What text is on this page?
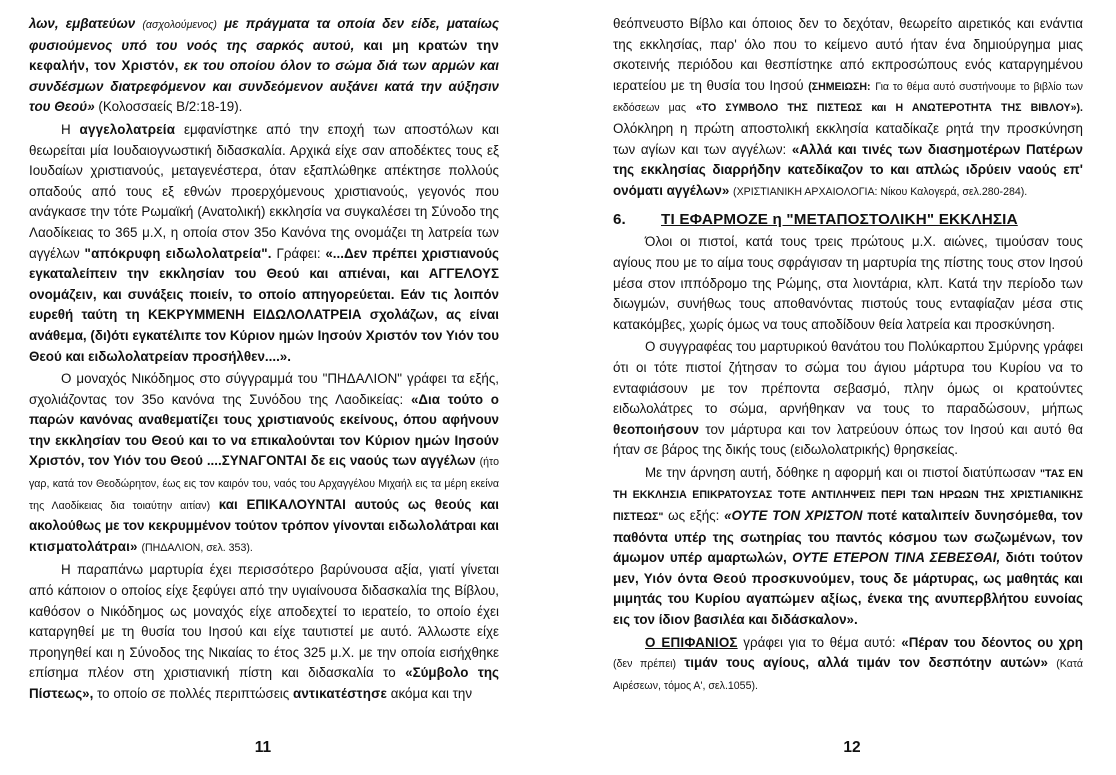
λων, εμβατεύων (ασχολούμενος) με πράγματα τα οποία δεν είδε, ματαίως φυσιούμενος υπό του νοός της σαρκός αυτού, και μη κρατών την κεφαλήν, τον Χριστόν, εκ του οποίου όλον το σώμα διά των αρμών και συνδέσμων διατρεφόμενον και συνδεόμενον αυξάνει κατά την αύξησιν του Θεού» (Κολοσσαείς Β/2:18-19).

Η αγγελολατρεία εμφανίστηκε από την εποχή των αποστόλων και θεωρείται μία Ιουδαιογνωστική διδασκαλία. Αρχικά είχε σαν αποδέκτες τους εξ Ιουδαίων χριστιανούς, μεταγενέστερα, όταν εξαπλώθηκε απέκτησε πολλούς οπαδούς από τους εξ εθνών προερχόμενους χριστιανούς, γεγονός που ανάγκασε την τότε Ρωμαϊκή (Ανατολική) εκκλησία να συγκαλέσει τη Σύνοδο της Λαοδίκειας το 365 μ.Χ, η οποία στον 35ο Κανόνα της ονομάζει τη λατρεία των αγγέλων "απόκρυφη ειδωλολατρεία". Γράφει: «...Δεν πρέπει χριστιανούς εγκαταλείπειν την εκκλησίαν του Θεού και απιέναι, και ΑΓΓΕΛΟΥΣ ονομάζειν, και συνάξεις ποιείν, το οποίο απηγορεύεται. Εάν τις λοιπόν ευρεθή ταύτη τη ΚΕΚΡΥΜΜΕΝΗ ΕΙΔΩΛΟΛΑΤΡΕΙΑ σχολάζων, ας είναι ανάθεμα, (δι)ότι εγκατέλιπε τον Κύριον ημών Ιησούν Χριστόν τον Υιόν του Θεού και ειδωλολατρείαν προσήλθεν....».

Ο μοναχός Νικόδημος στο σύγγραμμά του "ΠΗΔΑΛΙΟΝ" γράφει τα εξής, σχολιάζοντας τον 35ο κανόνα της Συνόδου της Λαοδικείας: «Δια τούτο ο παρών κανόνας αναθεματίζει τους χριστιανούς εκείνους, όπου αφήνουν την εκκλησίαν του Θεού και το να επικαλούνται τον Κύριον ημών Ιησούν Χριστόν, τον Υιόν του Θεού ....ΣΥΝΑΓΟΝΤΑΙ δε εις ναούς των αγγέλων (ήτο γαρ, κατά τον Θεοδώρητον, έως εις τον καιρόν του, ναός του Αρχαγγέλου Μιχαήλ εις τα μέρη εκείνα της Λαοδίκειας δια τοιαύτην αιτίαν) και ΕΠΙΚΑΛΟΥΝΤΑΙ αυτούς ως θεούς και ακολούθως με τον κεκρυμμένον τούτον τρόπον γίνονται ειδωλολάτραι και κτισματολάτραι» (ΠΗΔΑΛΙΟΝ, σελ. 353).

Η παραπάνω μαρτυρία έχει περισσότερο βαρύνουσα αξία, γιατί γίνεται από κάποιον ο οποίος είχε ξεφύγει από την υγιαίνουσα διδασκαλία της Βίβλου, καθόσον ο Νικόδημος ως μοναχός είχε αποδεχτεί το ιερατείο, το οποίο έχει καταργηθεί με τη θυσία του Ιησού και είχε ταυτιστεί με αυτό. Άλλωστε είχε προηγηθεί και η Σύνοδος της Νικαίας το έτος 325 μ.Χ. με την οποία εισήχθηκε επίσημα πλέον στη χριστιανική πίστη και διδασκαλία το «Σύμβολο της Πίστεως», το οποίο σε πολλές περιπτώσεις αντικατέστησε ακόμα και την

11

θεόπνευστο Βίβλο και όποιος δεν το δεχόταν, θεωρείτο αιρετικός και ενάντια της εκκλησίας, παρ' όλο που το κείμενο αυτό ήταν ένα δημιούργημα μιας σκοτεινής περιόδου και θεσπίστηκε από εκπροσώπους ενός καταργημένου ιερατείου με τη θυσία του Ιησού (ΣΗΜΕΙΩΣΗ: Για το θέμα αυτό συστήνουμε το βιβλίο των εκδόσεων μας «ΤΟ ΣΥΜΒΟΛΟ ΤΗΣ ΠΙΣΤΕΩΣ και Η ΑΝΩΤΕΡΟΤΗΤΑ ΤΗΣ ΒΙΒΛΟΥ»). Ολόκληρη η πρώτη αποστολική εκκλησία καταδίκαζε ρητά την προσκύνηση των αγίων και των αγγέλων: «Αλλά και τινές των διασημοτέρων Πατέρων της εκκλησίας διαρρήδην κατεδίκαζον το και απλώς ιδρύειν ναούς επ' ονόματι αγγέλων» (ΧΡΙΣΤΙΑΝΙΚΗ ΑΡΧΑΙΟΛΟΓΙΑ: Νίκου Καλογερά, σελ.280-284).

6.	ΤΙ ΕΦΑΡΜΟΖΕ η "ΜΕΤΑΠΟΣΤΟΛΙΚΗ" ΕΚΚΛΗΣΙΑ

Όλοι οι πιστοί, κατά τους τρεις πρώτους μ.Χ. αιώνες, τιμούσαν τους αγίους που με το αίμα τους σφράγισαν τη μαρτυρία της πίστης τους στον Ιησού μέσα στον ιππόδρομο της Ρώμης, στα λιοντάρια, κλπ. Κατά την περίοδο των διωγμών, συνήθως τους αποθανόντας πιστούς τους ενταφίαζαν μέσα στις κατακόμβες, χωρίς όμως να τους αποδίδουν θεία λατρεία και προσκύνηση.

Ο συγγραφέας του μαρτυρικού θανάτου του Πολύκαρπου Σμύρνης γράφει ότι οι τότε πιστοί ζήτησαν το σώμα του άγιου μάρτυρα του Κυρίου να το ενταφιάσουν με τον πρέποντα σεβασμό, πλην όμως οι κρατούντες ειδωλολάτρες το σώμα, αρνήθηκαν να τους το παραδώσουν, μήπως θεοποιήσουν τον μάρτυρα και τον λατρεύουν όπως τον Ιησού και αυτό θα ήταν σε βάρος της δικής τους (ειδωλολατρικής) θρησκείας.

Με την άρνηση αυτή, δόθηκε η αφορμή και οι πιστοί διατύπωσαν "ΤΑΣ ΕΝ ΤΗ ΕΚΚΛΗΣΙΑ ΕΠΙΚΡΑΤΟΥΣΑΣ ΤΟΤΕ ΑΝΤΙΛΗΨΕΙΣ ΠΕΡΙ ΤΩΝ ΗΡΩΩΝ ΤΗΣ ΧΡΙΣΤΙΑΝΙΚΗΣ ΠΙΣΤΕΩΣ" ως εξής: «ΟΥΤΕ ΤΟΝ ΧΡΙΣΤΟΝ ποτέ καταλιπείν δυνησόμεθα, τον παθόντα υπέρ της σωτηρίας του παντός κόσμου των σωζωμένων, τον άμωμον υπέρ αμαρτωλών, ΟΥΤΕ ΕΤΕΡΟΝ ΤΙΝΑ ΣΕΒΕΣΘΑΙ, διότι τούτον μεν, Υιόν όντα Θεού προσκυνούμεν, τους δε μάρτυρας, ως μαθητάς και μιμητάς του Κυρίου αγαπώμεν αξίως, ένεκα της ανυπερβλήτου ευνοίας εις τον ίδιον βασιλέα και διδάσκαλον».

Ο ΕΠΙΦΑΝΙΟΣ γράφει για το θέμα αυτό: «Πέραν του δέοντος ου χρη (δεν πρέπει) τιμάν τους αγίους, αλλά τιμάν τον δεσπότην αυτών» (Κατά Αιρέσεων, τόμος Α', σελ.1055).

12
